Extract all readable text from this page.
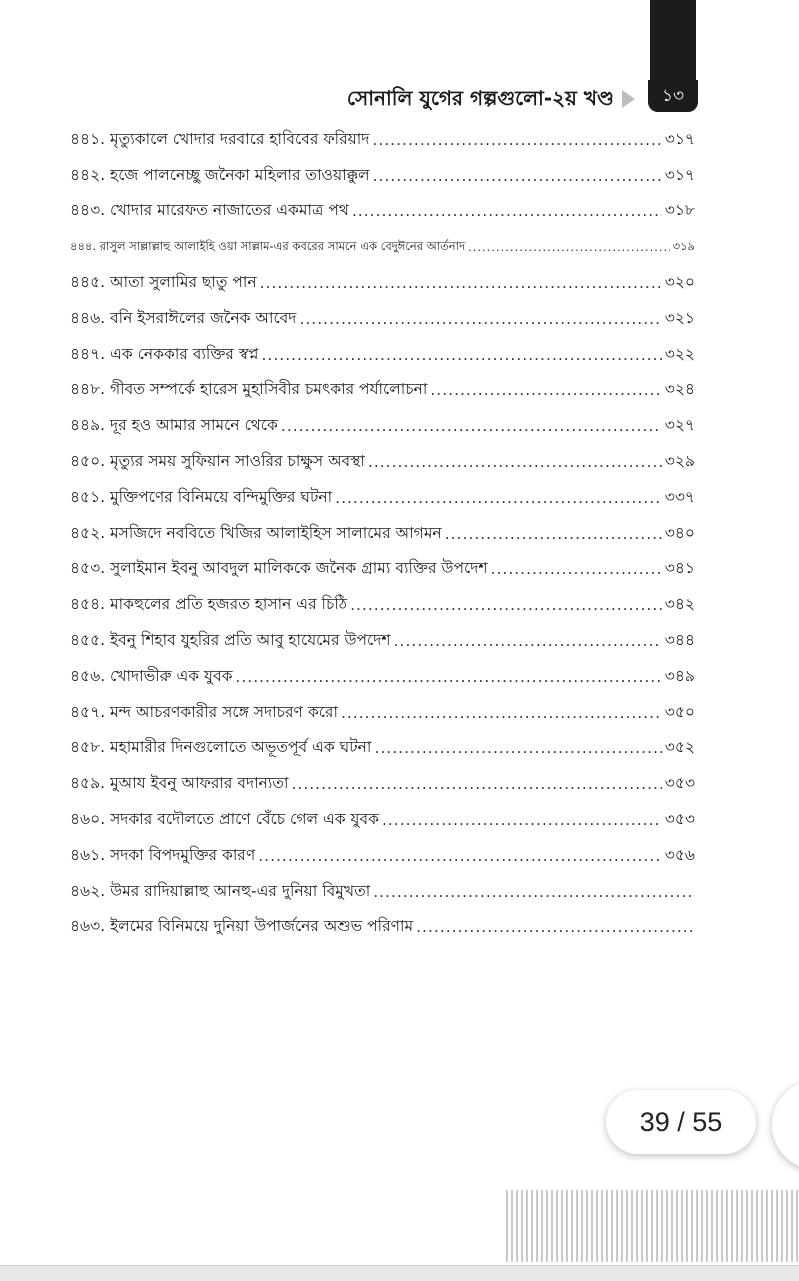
সোনালি যুগের গল্পগুলো-২য় খণ্ড	১৩
৪৪১. মৃত্যুকালে খোদার দরবারে হাবিবের ফরিয়াদ .....	৩১৭
৪৪২. হজে পালনেচ্ছু জনৈকা মহিলার তাওয়াক্কুল .....	৩১৭
৪৪৩. খোদার মারেফত নাজাতের একমাত্র পথ .....	৩১৮
৪৪৪. রাসুল সাল্লাল্লাহু আলাইহি ওয়া সাল্লাম-এর কবরের সামনে এক বেদুঈনের আর্তনাদ .....	৩১৯
৪৪৫. আতা সুলামির ছাতু পান .....	৩২০
৪৪৬. বনি ইসরাঈলের জনৈক আবেদ .....	৩২১
৪৪৭. এক নেককার ব্যক্তির স্বপ্ন .....	৩২২
৪৪৮. গীবত সম্পর্কে হারেস মুহাসিবীর চমৎকার পর্যালোচনা .....	৩২৪
৪৪৯. দূর হও আমার সামনে থেকে .....	৩২৭
৪৫০. মৃত্যুর সময় সুফিয়ান সাওরির চাক্ষুস অবস্থা .....	৩২৯
৪৫১. মুক্তিপণের বিনিময়ে বন্দিমুক্তির ঘটনা .....	৩৩৭
৪৫২. মসজিদে নববিতে খিজির আলাইহিস সালামের আগমন .....	৩৪০
৪৫৩. সুলাইমান ইবনু আবদুল মালিককে জনৈক গ্রাম্য ব্যক্তির উপদেশ .....	৩৪১
৪৫৪. মাকহুলের প্রতি হজরত হাসান এর চিঠি .....	৩৪২
৪৫৫. ইবনু শিহাব যুহরির প্রতি আবু হাযেমের উপদেশ .....	৩৪৪
৪৫৬. খোদাভীরু এক যুবক .....	৩৪৯
৪৫৭. মন্দ আচরণকারীর সঙ্গে সদাচরণ করো .....	৩৫০
৪৫৮. মহামারীর দিনগুলোতে অভূতপূর্ব এক ঘটনা .....	৩৫২
৪৫৯. মুআয ইবনু আফরার বদান্যতা .....	৩৫৩
৪৬০. সদকার বদৌলতে প্রাণে বেঁচে গেল এক যুবক .....	৩৫৩
৪৬১. সদকা বিপদমুক্তির কারণ .....	৩৫৬
৪৬২. উমর রাদিয়াল্লাহু আনহু-এর দুনিয়া বিমুখতা
.....
৪৬৩. ইলমের বিনিময়ে দুনিয়া উপার্জনের অশুভ পরিণাম
.....
39 / 55
